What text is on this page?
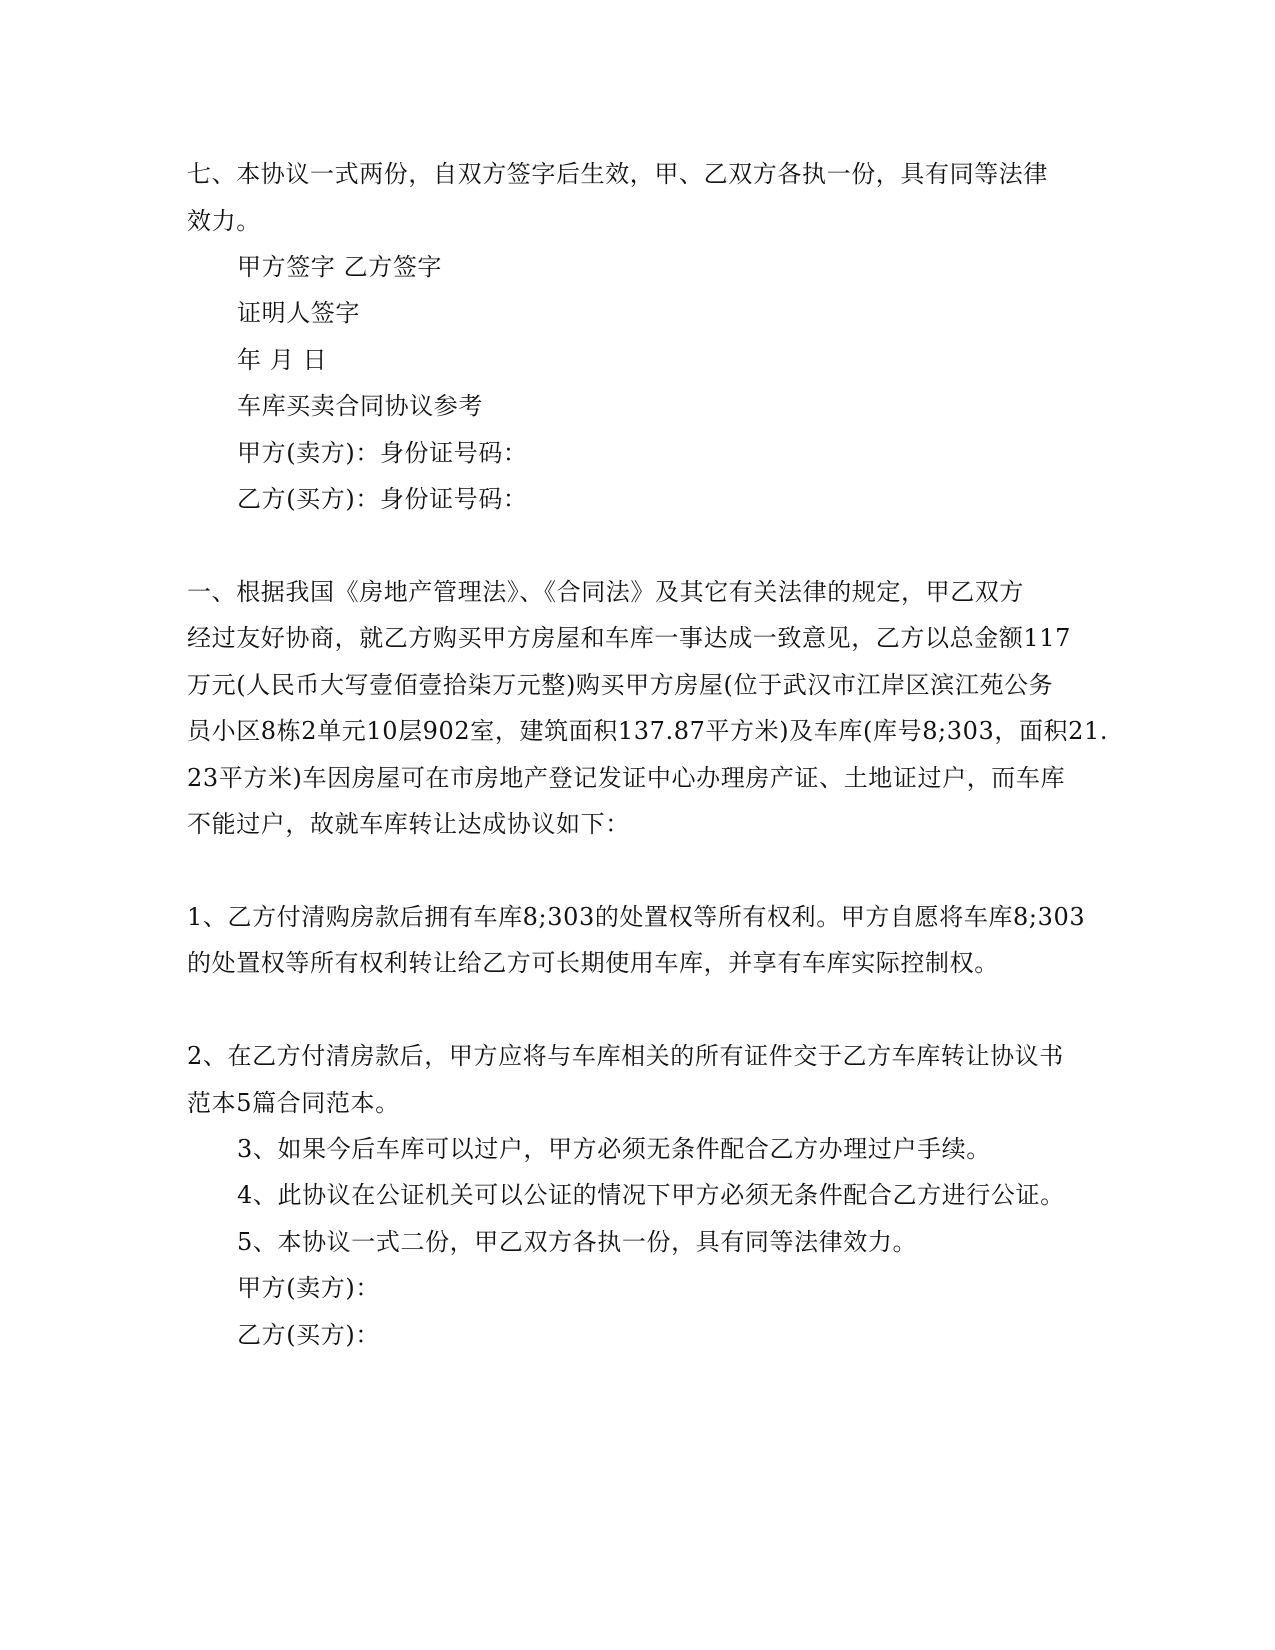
七、本协议一式两份，自双方签字后生效，甲、乙双方各执一份，具有同等法律
效力。
甲方签字 乙方签字
证明人签字
年 月 日
车库买卖合同协议参考
甲方(卖方)：身份证号码：
乙方(买方)：身份证号码：
一、根据我国《房地产管理法》、《合同法》及其它有关法律的规定，甲乙双方
经过友好协商，就乙方购买甲方房屋和车库一事达成一致意见，乙方以总金额117
万元(人民币大写壹佰壹拾柒万元整)购买甲方房屋(位于武汉市江岸区滨江苑公务
员小区8栋2单元10层902室，建筑面积137.87平方米)及车库(库号8;303，面积21.
23平方米)车因房屋可在市房地产登记发证中心办理房产证、土地证过户，而车库
不能过户，故就车库转让达成协议如下：
1、乙方付清购房款后拥有车库8;303的处置权等所有权利。甲方自愿将车库8;303
的处置权等所有权利转让给乙方可长期使用车库，并享有车库实际控制权。
2、在乙方付清房款后，甲方应将与车库相关的所有证件交于乙方车库转让协议书
范本5篇合同范本。
3、如果今后车库可以过户，甲方必须无条件配合乙方办理过户手续。
4、此协议在公证机关可以公证的情况下甲方必须无条件配合乙方进行公证。
5、本协议一式二份，甲乙双方各执一份，具有同等法律效力。
甲方(卖方)：
乙方(买方)：
